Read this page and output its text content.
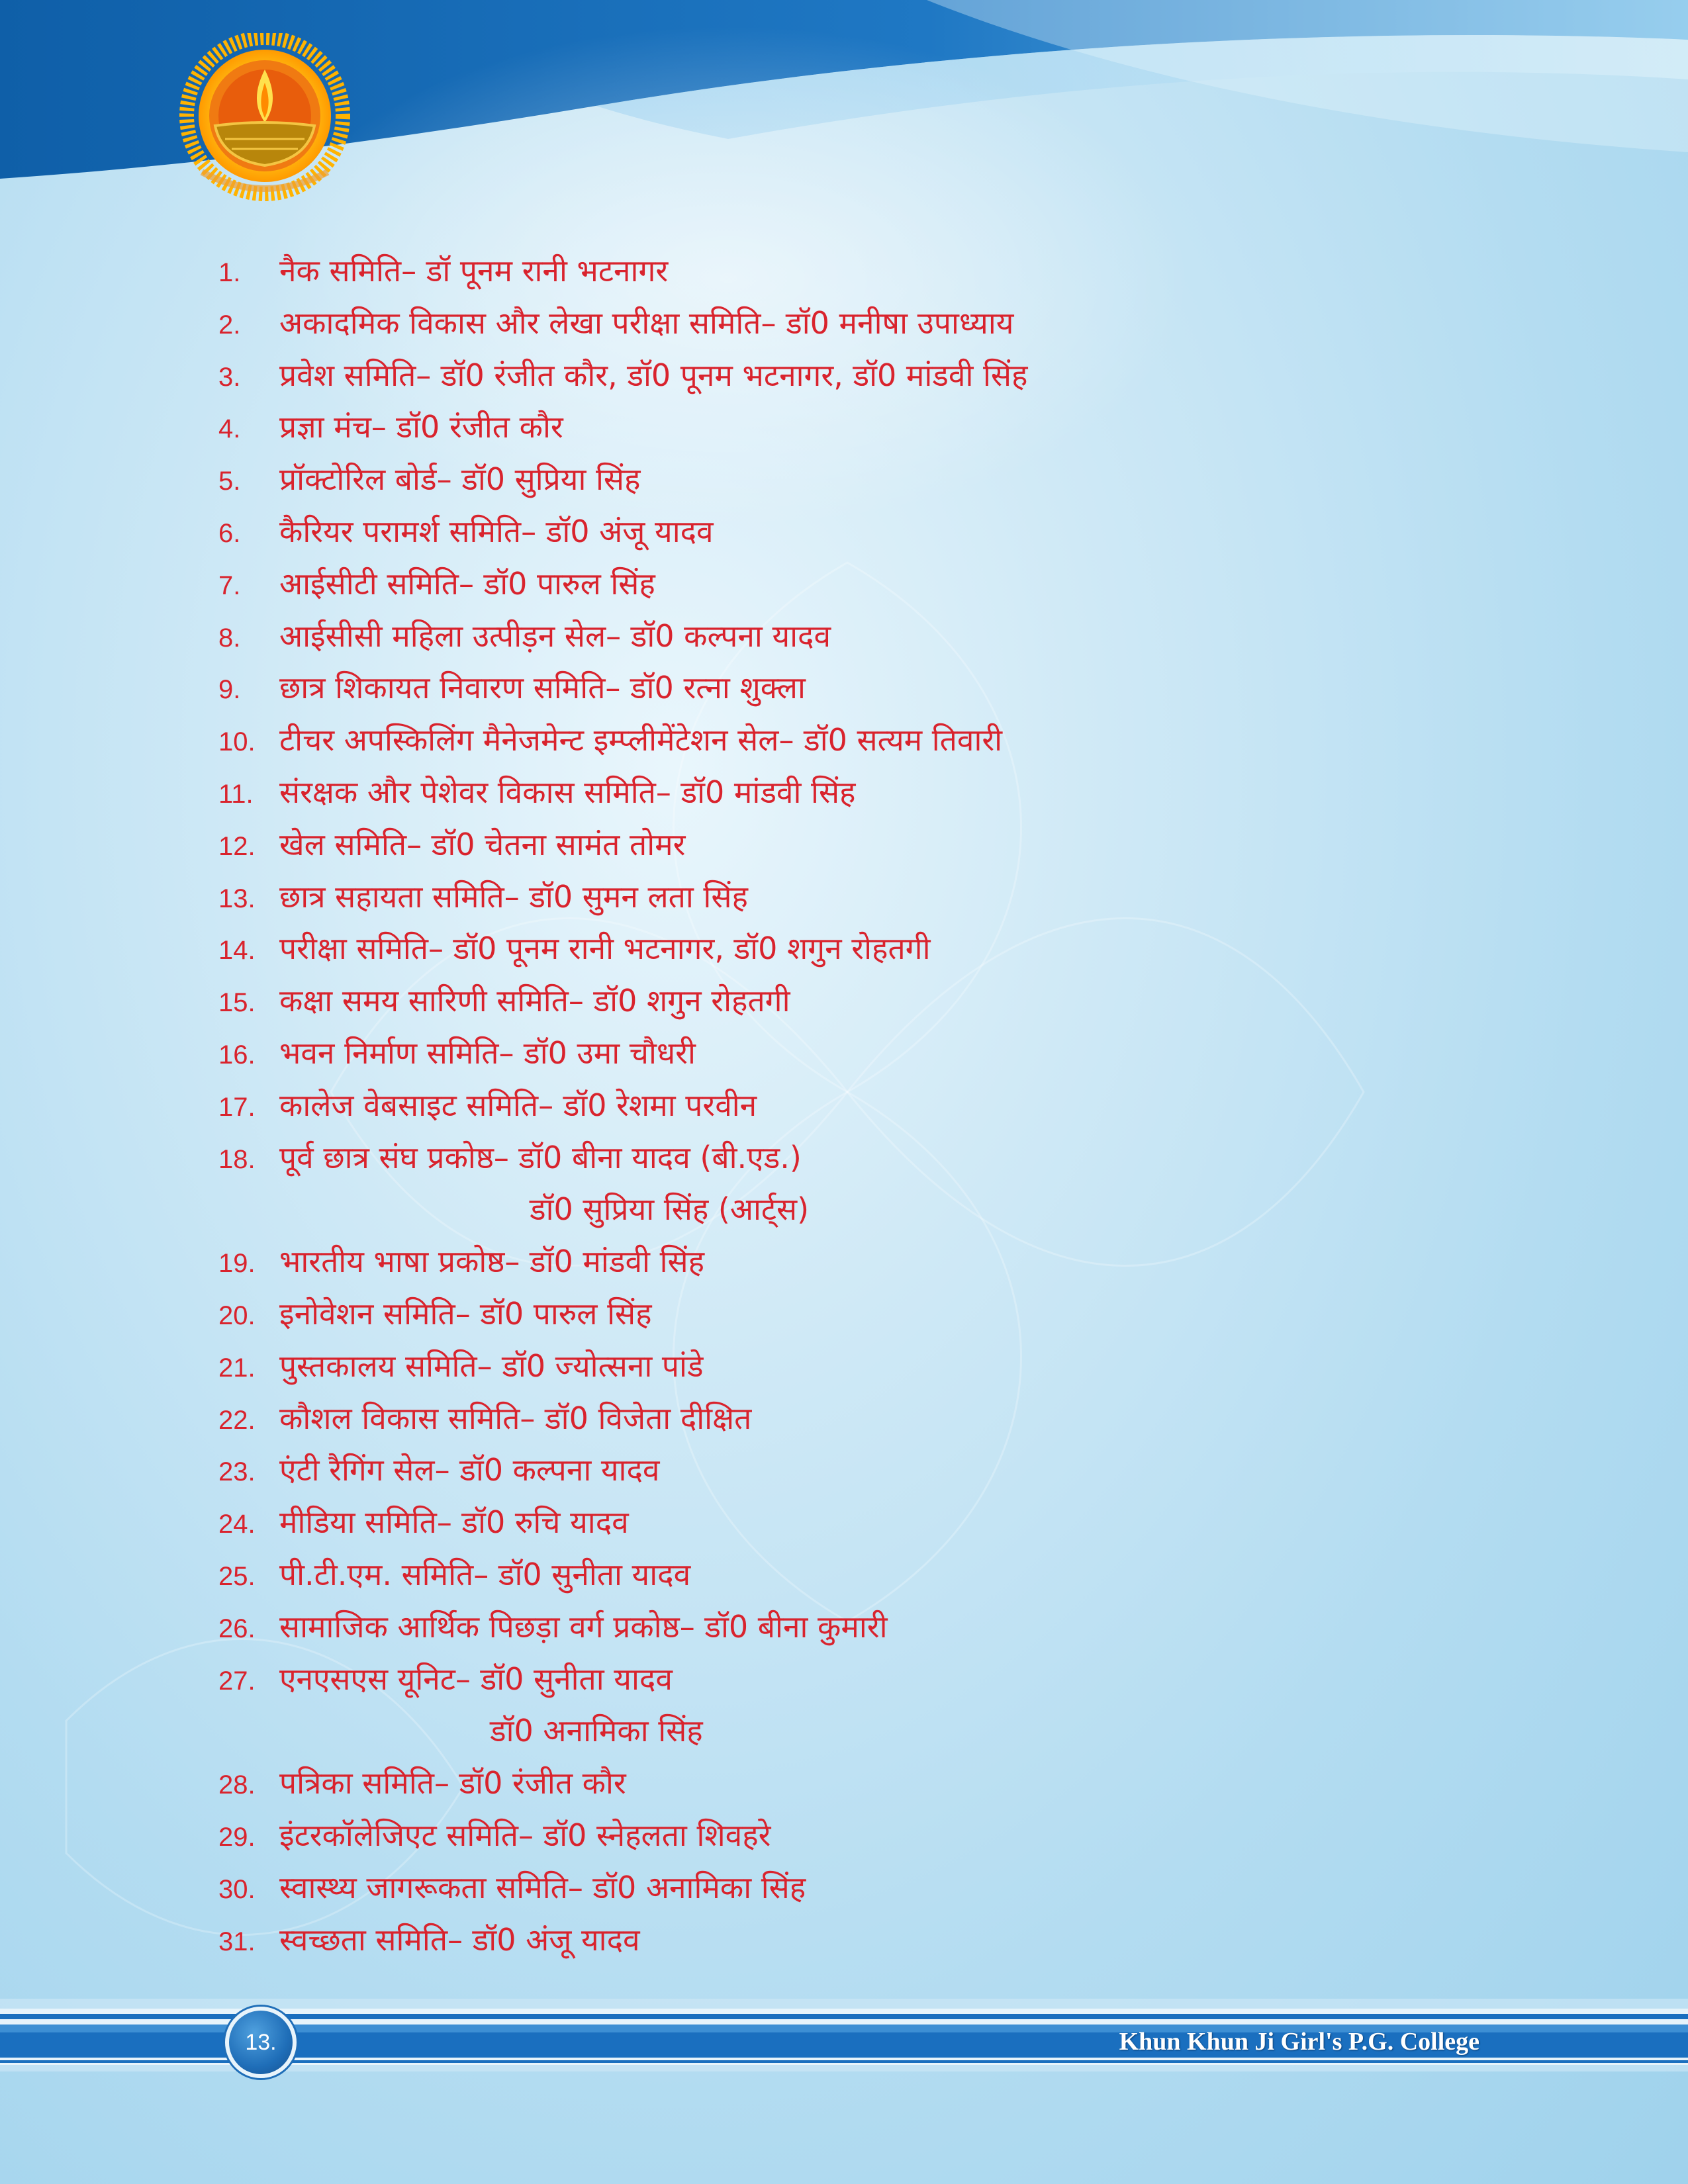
1. नैक समिति– डॉ पूनम रानी भटनागर
2. अकादमिक विकास और लेखा परीक्षा समिति– डॉ0 मनीषा उपाध्याय
3. प्रवेश समिति– डॉ0 रंजीत कौर, डॉ0 पूनम भटनागर, डॉ0 मांडवी सिंह
4. प्रज्ञा मंच– डॉ0 रंजीत कौर
5. प्रॉक्टोरिल बोर्ड– डॉ0 सुप्रिया सिंह
6. कैरियर परामर्श समिति– डॉ0 अंजू यादव
7. आईसीटी समिति– डॉ0 पारुल सिंह
8. आईसीसी महिला उत्पीड़न सेल– डॉ0 कल्पना यादव
9. छात्र शिकायत निवारण समिति– डॉ0 रत्ना शुक्ला
10. टीचर अपस्किलिंग मैनेजमेन्ट इम्प्लीमेंटेशन सेल– डॉ0 सत्यम तिवारी
11. संरक्षक और पेशेवर विकास समिति– डॉ0 मांडवी सिंह
12. खेल समिति– डॉ0 चेतना सामंत तोमर
13. छात्र सहायता समिति– डॉ0 सुमन लता सिंह
14. परीक्षा समिति– डॉ0 पूनम रानी भटनागर, डॉ0 शगुन रोहतगी
15. कक्षा समय सारिणी समिति– डॉ0 शगुन रोहतगी
16. भवन निर्माण समिति– डॉ0 उमा चौधरी
17. कालेज वेबसाइट समिति– डॉ0 रेशमा परवीन
18. पूर्व छात्र संघ प्रकोष्ठ– डॉ0 बीना यादव (बी.एड.)
डॉ0 सुप्रिया सिंह (आर्ट्स)
19. भारतीय भाषा प्रकोष्ठ– डॉ0 मांडवी सिंह
20. इनोवेशन समिति– डॉ0 पारुल सिंह
21. पुस्तकालय समिति– डॉ0 ज्योत्सना पांडे
22. कौशल विकास समिति– डॉ0 विजेता दीक्षित
23. एंटी रैगिंग सेल– डॉ0 कल्पना यादव
24. मीडिया समिति– डॉ0 रुचि यादव
25. पी.टी.एम. समिति– डॉ0 सुनीता यादव
26. सामाजिक आर्थिक पिछड़ा वर्ग प्रकोष्ठ– डॉ0 बीना कुमारी
27. एनएसएस यूनिट– डॉ0 सुनीता यादव
डॉ0 अनामिका सिंह
28. पत्रिका समिति– डॉ0 रंजीत कौर
29. इंटरकॉलेजिएट समिति– डॉ0 स्नेहलता शिवहरे
30. स्वास्थ्य जागरूकता समिति– डॉ0 अनामिका सिंह
31. स्वच्छता समिति– डॉ0 अंजू यादव
13.	Khun Khun Ji Girl's P.G. College
